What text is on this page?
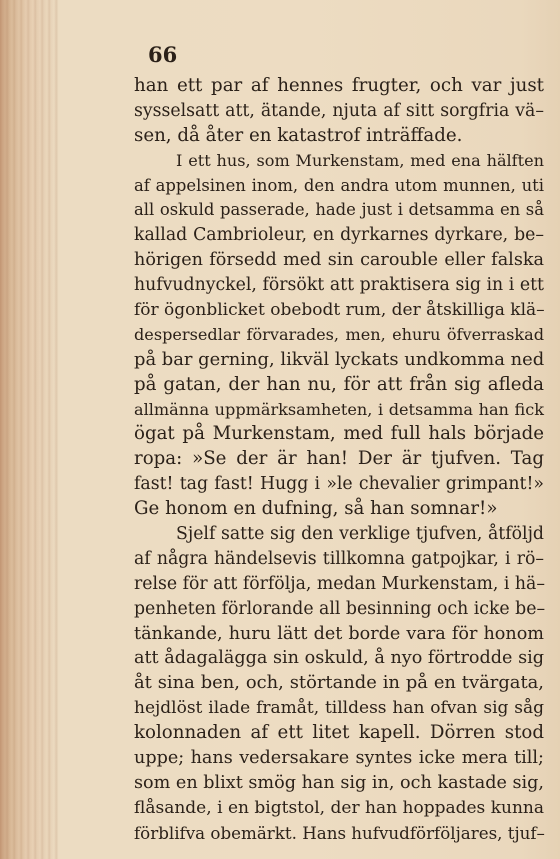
66
han ett par af hennes frugter, och var just
sysselsatt att, ätande, njuta af sitt sorgfria vä–
sen, då åter en katastrof inträffade.
I ett hus, som Murkenstam, med ena hälften
af appelsinen inom, den andra utom munnen, uti
all oskuld passerade, hade just i detsamma en så
kallad Cambrioleur, en dyrkarnes dyrkare, be–
hörigen försedd med sin carouble eller falska
hufvudnyckel, försökt att praktisera sig in i ett
för ögonblicket obebodt rum, der åtskilliga klä–
despersedlar förvarades, men, ehuru öfverraskad
på bar gerning, likväl lyckats undkomma ned
på gatan, der han nu, för att från sig afleda
allmänna uppmärksamheten, i detsamma han fick
ögat på Murkenstam, med full hals började
ropa: »Se der är han! Der är tjufven. Tag
fast! tag fast! Hugg i »le chevalier grimpant!»
Ge honom en dufning, så han somnar!»
Sjelf satte sig den verklige tjufven, åtföljd
af några händelsevis tillkomna gatpojkar, i rö–
relse för att förfölja, medan Murkenstam, i hä–
penheten förlorande all besinning och icke be–
tänkande, huru lätt det borde vara för honom
att ådagalägga sin oskuld, å nyo förtrodde sig
åt sina ben, och, störtande in på en tvärgata,
hejdlöst ilade framåt, tilldess han ofvan sig såg
kolonnaden af ett litet kapell. Dörren stod
uppe; hans vedersakare syntes icke mera till;
som en blixt smög han sig in, och kastade sig,
flåsande, i en bigtstol, der han hoppades kunna
förblifva obemärkt. Hans hufvudförföljares, tjuf–
